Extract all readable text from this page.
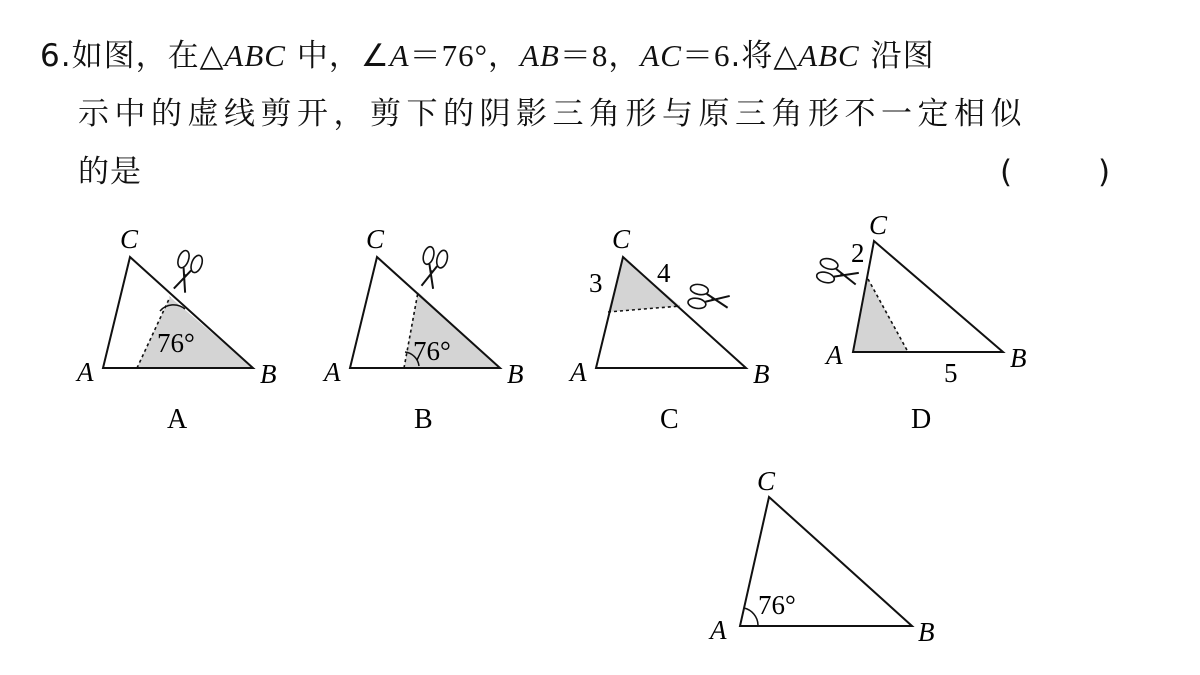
6.如图，在△ABC 中，∠A＝76°，AB＝8，AC＝6.将△ABC 沿图
示中的虚线剪开，剪下的阴影三角形与原三角形不一定相似
的是	(	)
C
A	B
76°
A
C
A	B
76°
B
C
A	B
3 4
C
C
A	B
2
5
D
C
A	B
76°
